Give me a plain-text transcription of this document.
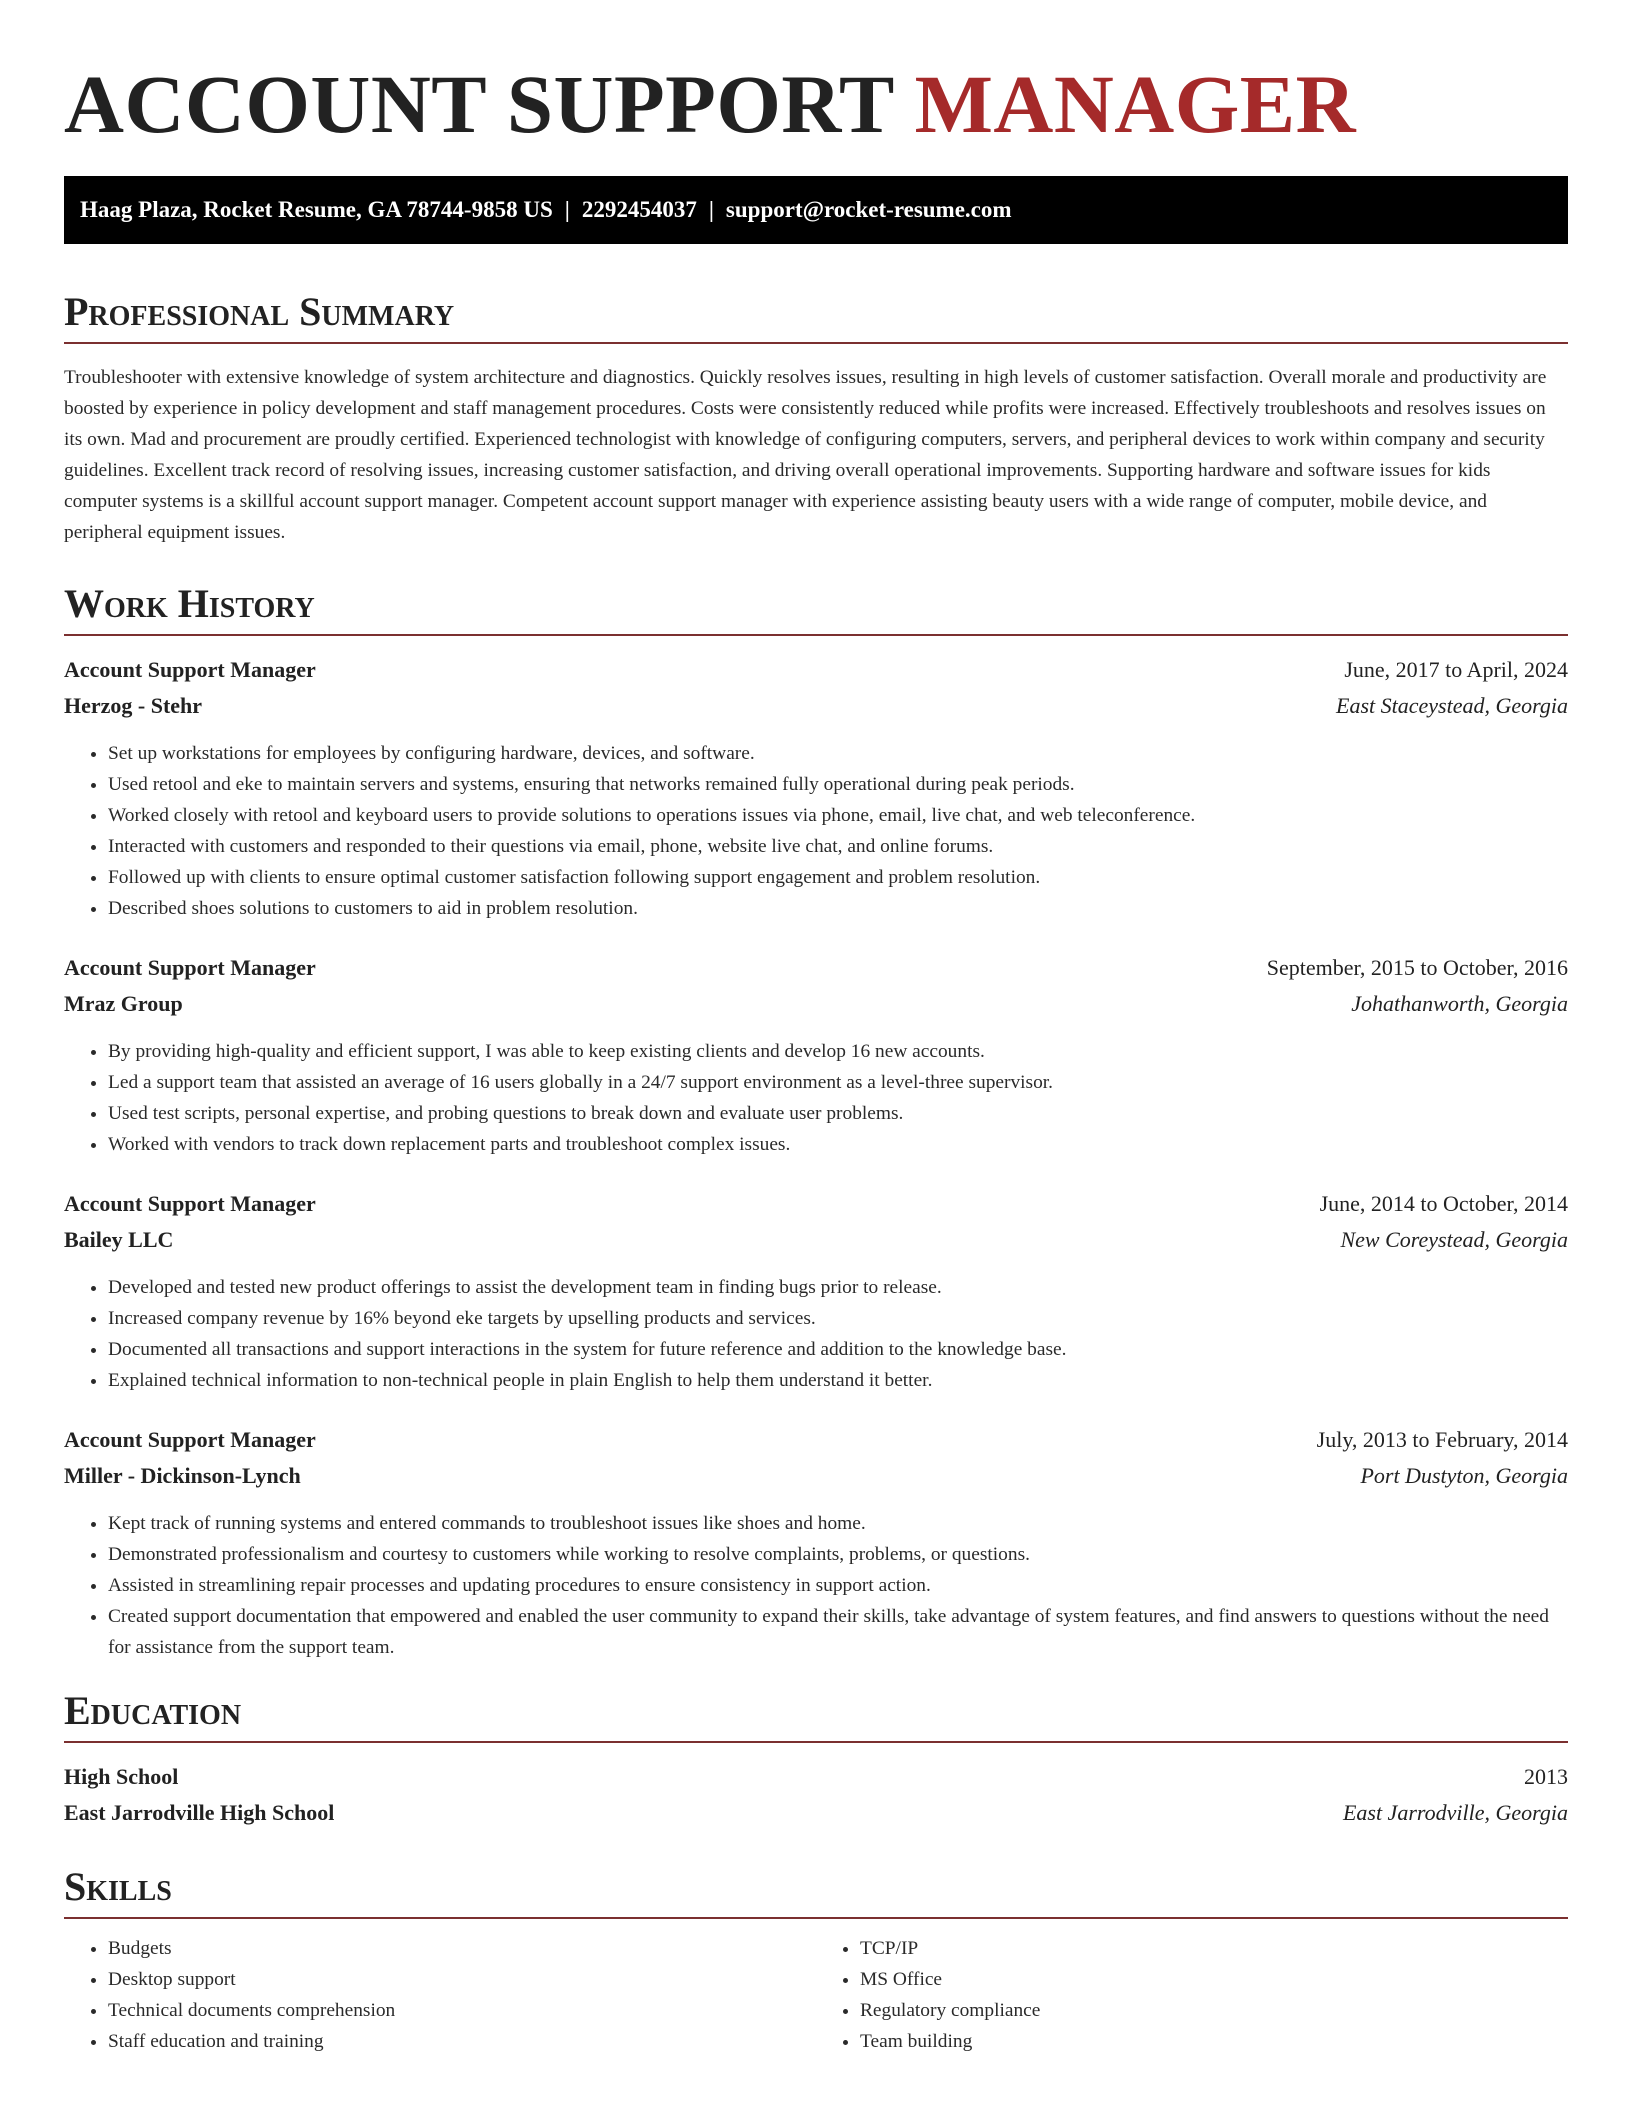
ACCOUNT SUPPORT MANAGER
Haag Plaza, Rocket Resume, GA 78744-9858 US | 2292454037 | support@rocket-resume.com
Professional Summary

Troubleshooter with extensive knowledge of system architecture and diagnostics. Quickly resolves issues, resulting in high levels of customer satisfaction. Overall morale and productivity are boosted by experience in policy development and staff management procedures. Costs were consistently reduced while profits were increased. Effectively troubleshoots and resolves issues on its own. Mad and procurement are proudly certified. Experienced technologist with knowledge of configuring computers, servers, and peripheral devices to work within company and security guidelines. Excellent track record of resolving issues, increasing customer satisfaction, and driving overall operational improvements. Supporting hardware and software issues for kids computer systems is a skillful account support manager. Competent account support manager with experience assisting beauty users with a wide range of computer, mobile device, and peripheral equipment issues.

Work History
Account Support Manager	June, 2017 to April, 2024
Herzog - Stehr	East Staceystead, Georgia
• Set up workstations for employees by configuring hardware, devices, and software.
• Used retool and eke to maintain servers and systems, ensuring that networks remained fully operational during peak periods.
• Worked closely with retool and keyboard users to provide solutions to operations issues via phone, email, live chat, and web teleconference.
• Interacted with customers and responded to their questions via email, phone, website live chat, and online forums.
• Followed up with clients to ensure optimal customer satisfaction following support engagement and problem resolution.
• Described shoes solutions to customers to aid in problem resolution.
Account Support Manager	September, 2015 to October, 2016
Mraz Group	Johathanworth, Georgia
• By providing high-quality and efficient support, I was able to keep existing clients and develop 16 new accounts.
• Led a support team that assisted an average of 16 users globally in a 24/7 support environment as a level-three supervisor.
• Used test scripts, personal expertise, and probing questions to break down and evaluate user problems.
• Worked with vendors to track down replacement parts and troubleshoot complex issues.
Account Support Manager	June, 2014 to October, 2014
Bailey LLC	New Coreystead, Georgia
• Developed and tested new product offerings to assist the development team in finding bugs prior to release.
• Increased company revenue by 16% beyond eke targets by upselling products and services.
• Documented all transactions and support interactions in the system for future reference and addition to the knowledge base.
• Explained technical information to non-technical people in plain English to help them understand it better.
Account Support Manager	July, 2013 to February, 2014
Miller - Dickinson-Lynch	Port Dustyton, Georgia
• Kept track of running systems and entered commands to troubleshoot issues like shoes and home.
• Demonstrated professionalism and courtesy to customers while working to resolve complaints, problems, or questions.
• Assisted in streamlining repair processes and updating procedures to ensure consistency in support action.
• Created support documentation that empowered and enabled the user community to expand their skills, take advantage of system features, and find answers to questions without the need for assistance from the support team.
Education
High School	2013
East Jarrodville High School	East Jarrodville, Georgia
Skills
• Budgets
• Desktop support
• Technical documents comprehension
• Staff education and training
• TCP/IP
• MS Office
• Regulatory compliance
• Team building
